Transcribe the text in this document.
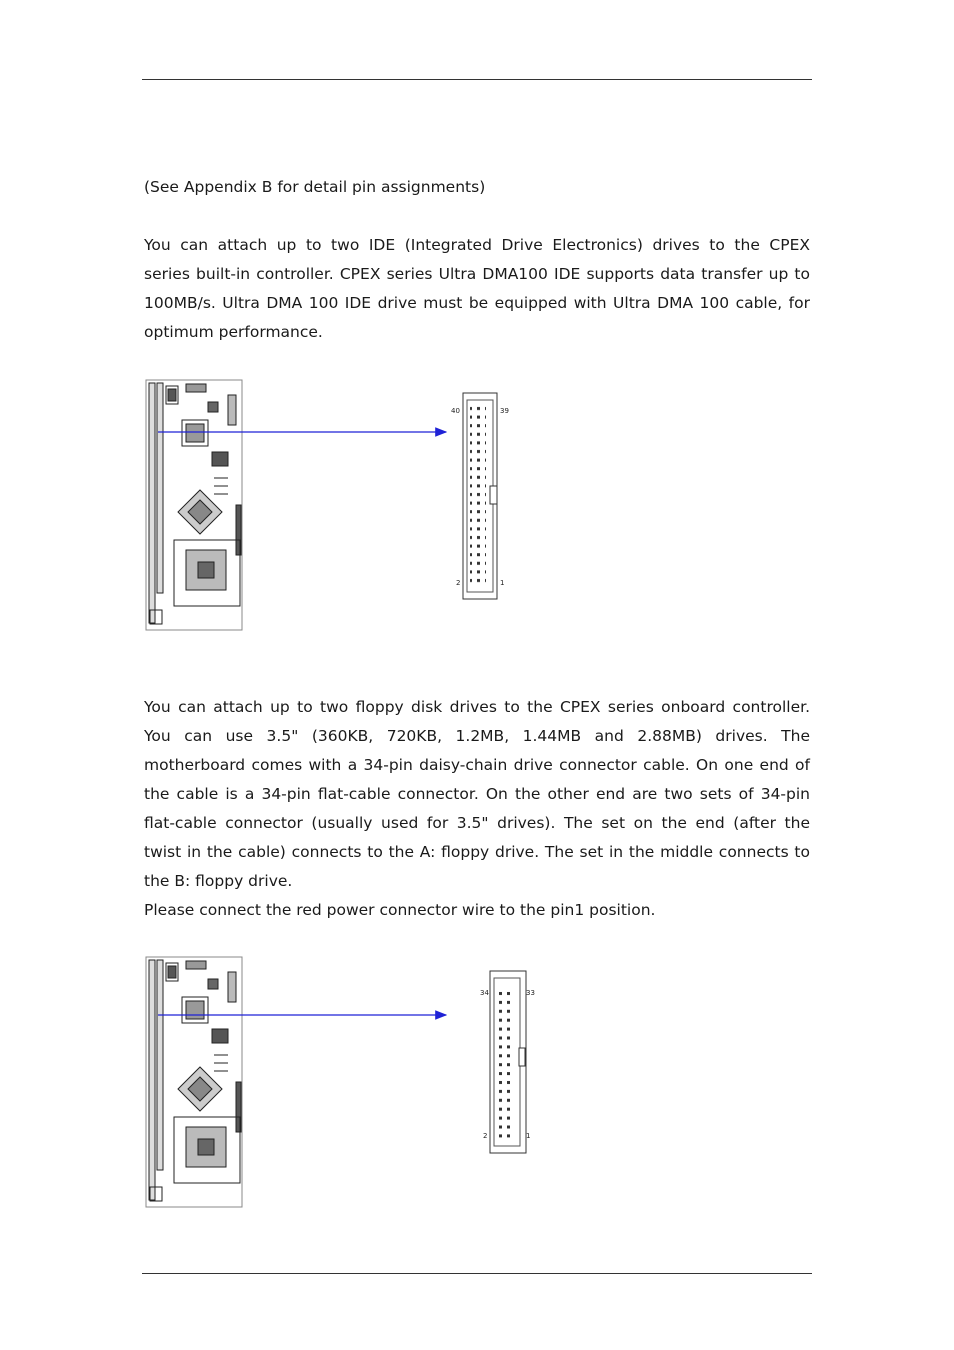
(See Appendix B for detail pin assignments)
You can attach up to two IDE (Integrated Drive Electronics) drives to the CPEX
series built-in controller. CPEX series Ultra DMA100 IDE supports data transfer up to
100MB/s. Ultra DMA 100 IDE drive must be equipped with Ultra DMA 100 cable, for
optimum performance.
40	39
2	1
You can attach up to two floppy disk drives to the CPEX series onboard controller.
You can use 3.5" (360KB, 720KB, 1.2MB, 1.44MB and 2.88MB) drives. The
motherboard comes with a 34-pin daisy-chain drive connector cable. On one end of
the cable is a 34-pin flat-cable connector. On the other end are two sets of 34-pin
flat-cable connector (usually used for 3.5" drives). The set on the end (after the
twist in the cable) connects to the A: floppy drive. The set in the middle connects to
the B: floppy drive.
Please connect the red power connector wire to the pin1 position.
34	33
2	1
